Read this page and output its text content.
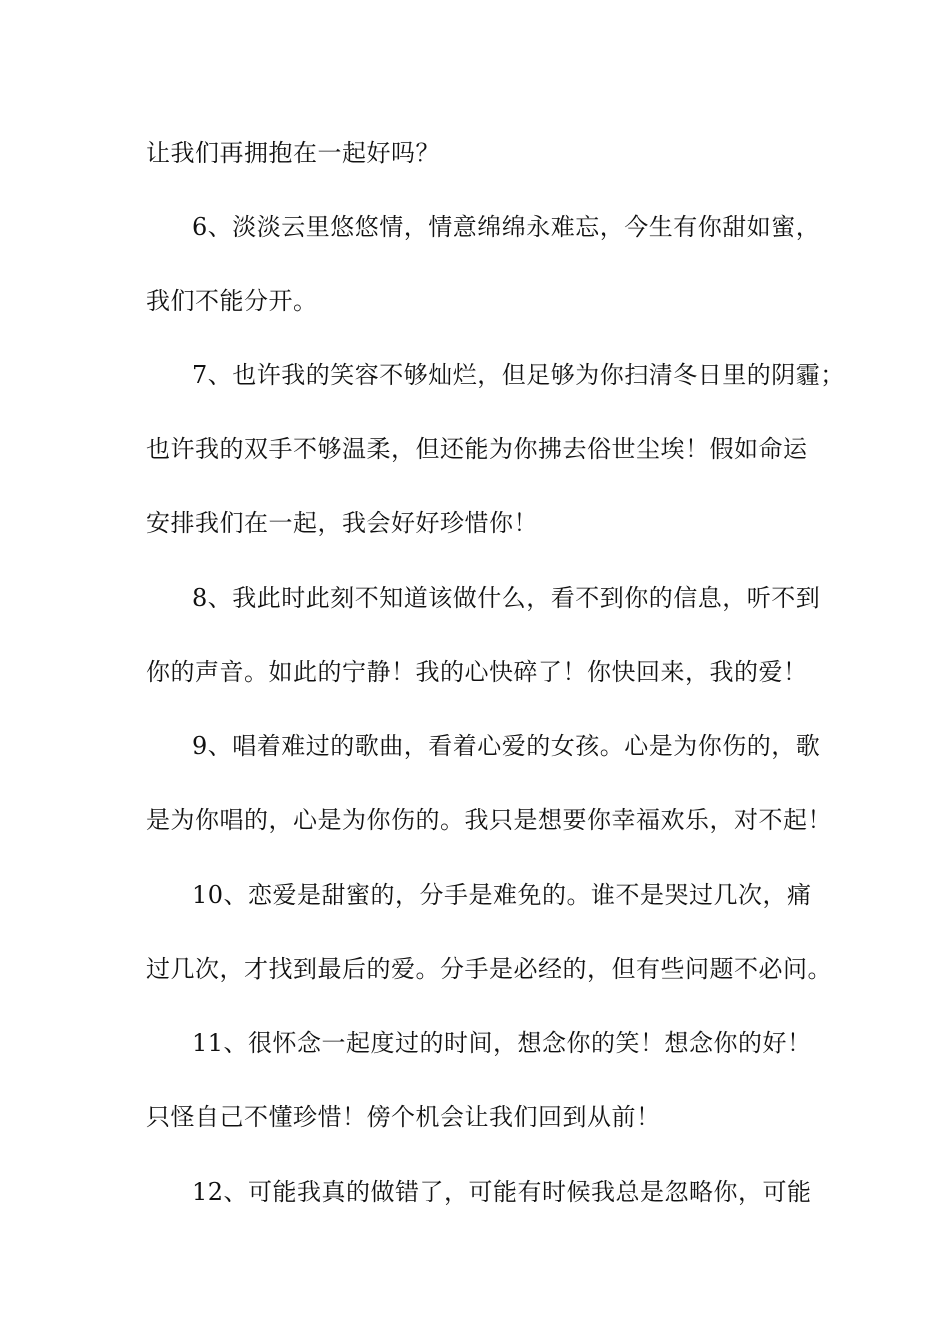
让我们再拥抱在一起好吗？
6、淡淡云里悠悠情，情意绵绵永难忘，今生有你甜如蜜，
我们不能分开。
7、也许我的笑容不够灿烂，但足够为你扫清冬日里的阴霾；
也许我的双手不够温柔，但还能为你拂去俗世尘埃！假如命运
安排我们在一起，我会好好珍惜你！
8、我此时此刻不知道该做什么，看不到你的信息，听不到
你的声音。如此的宁静！我的心快碎了！你快回来，我的爱！
9、唱着难过的歌曲，看着心爱的女孩。心是为你伤的，歌
是为你唱的，心是为你伤的。我只是想要你幸福欢乐，对不起！
10、恋爱是甜蜜的，分手是难免的。谁不是哭过几次，痛
过几次，才找到最后的爱。分手是必经的，但有些问题不必问。
11、很怀念一起度过的时间，想念你的笑！想念你的好！
只怪自己不懂珍惜！傍个机会让我们回到从前！
12、可能我真的做错了，可能有时候我总是忽略你，可能
